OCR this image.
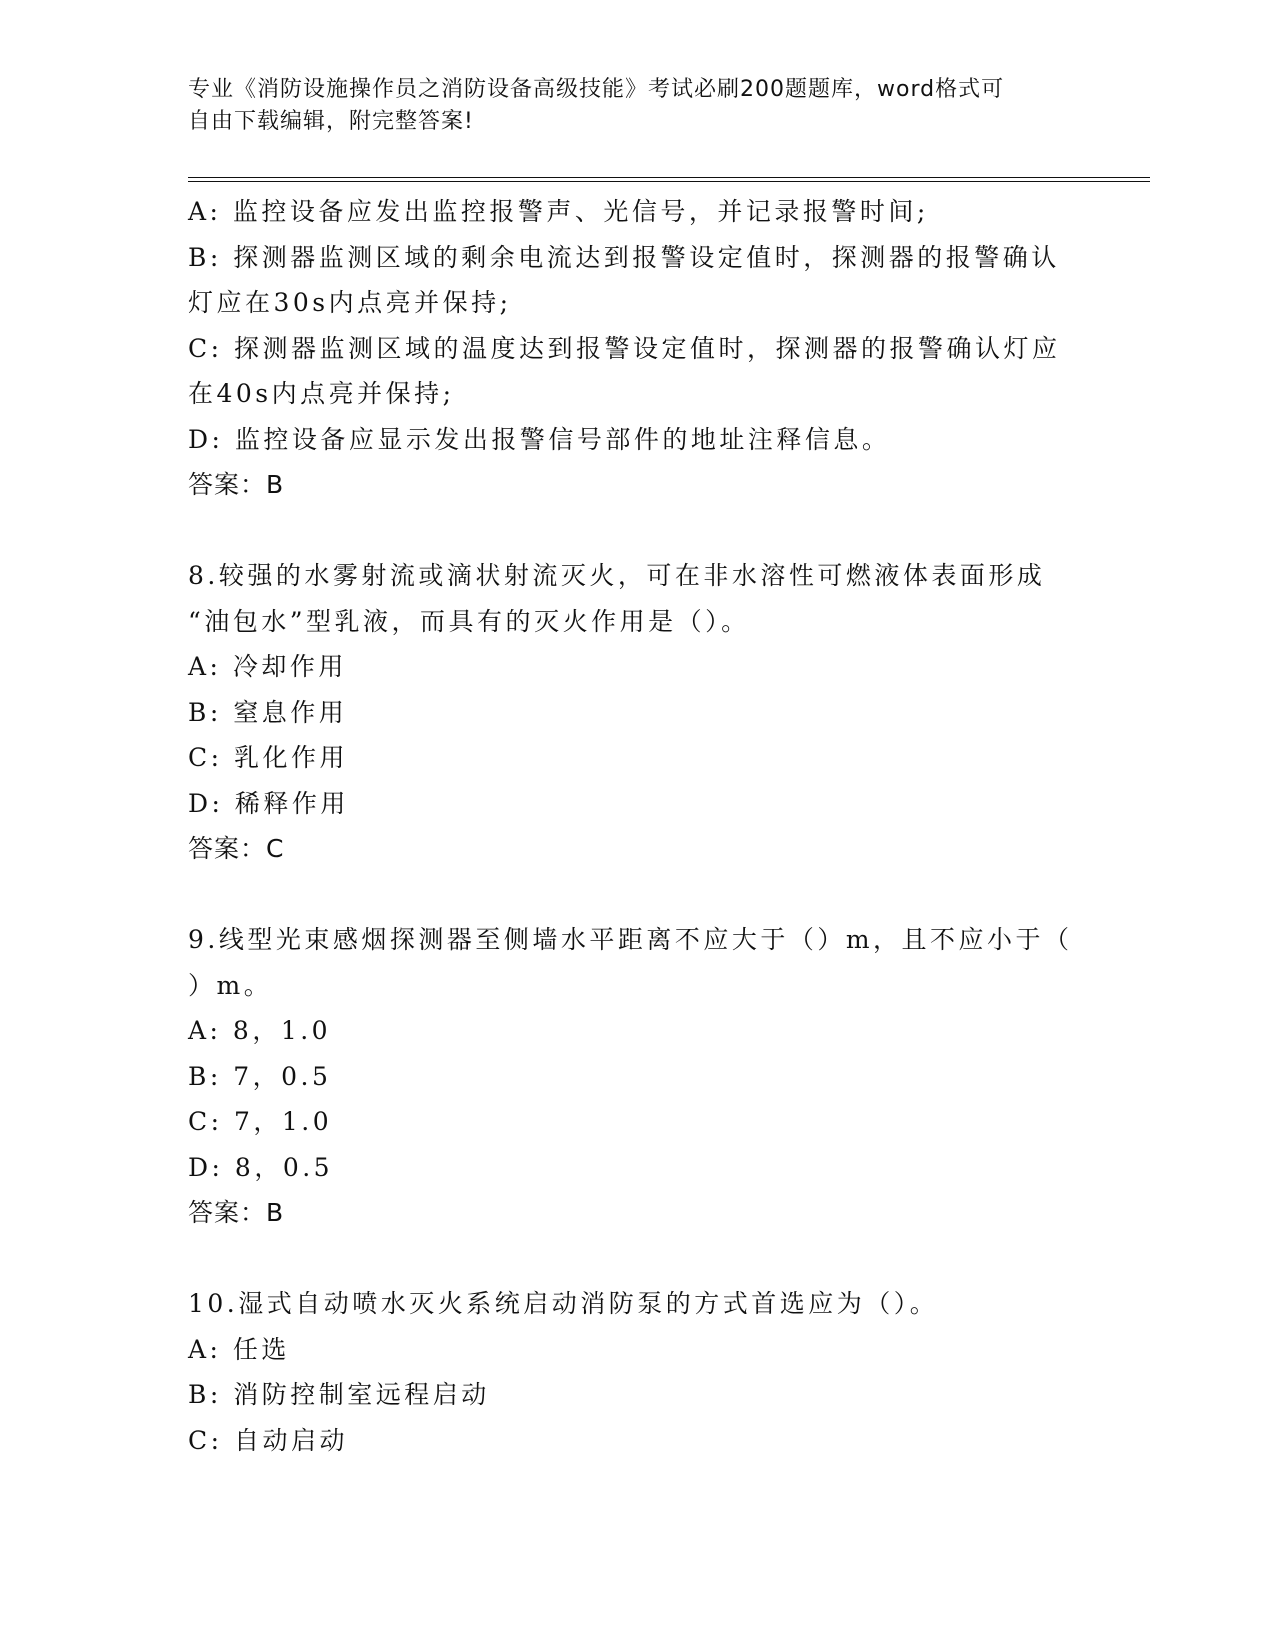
专业《消防设施操作员之消防设备高级技能》考试必刷200题题库，word格式可
自由下载编辑，附完整答案!
A: 监控设备应发出监控报警声、光信号，并记录报警时间;
B: 探测器监测区域的剩余电流达到报警设定值时，探测器的报警确认
灯应在30s内点亮并保持;
C: 探测器监测区域的温度达到报警设定值时，探测器的报警确认灯应
在40s内点亮并保持;
D: 监控设备应显示发出报警信号部件的地址注释信息。
答案：B
8.较强的水雾射流或滴状射流灭火，可在非水溶性可燃液体表面形成
“油包水”型乳液，而具有的灭火作用是（）。
A: 冷却作用
B: 窒息作用
C: 乳化作用
D: 稀释作用
答案：C
9.线型光束感烟探测器至侧墙水平距离不应大于（）m，且不应小于（
）m。
A: 8，1.0
B: 7，0.5
C: 7，1.0
D: 8，0.5
答案：B
10.湿式自动喷水灭火系统启动消防泵的方式首选应为（）。
A: 任选
B: 消防控制室远程启动
C: 自动启动
